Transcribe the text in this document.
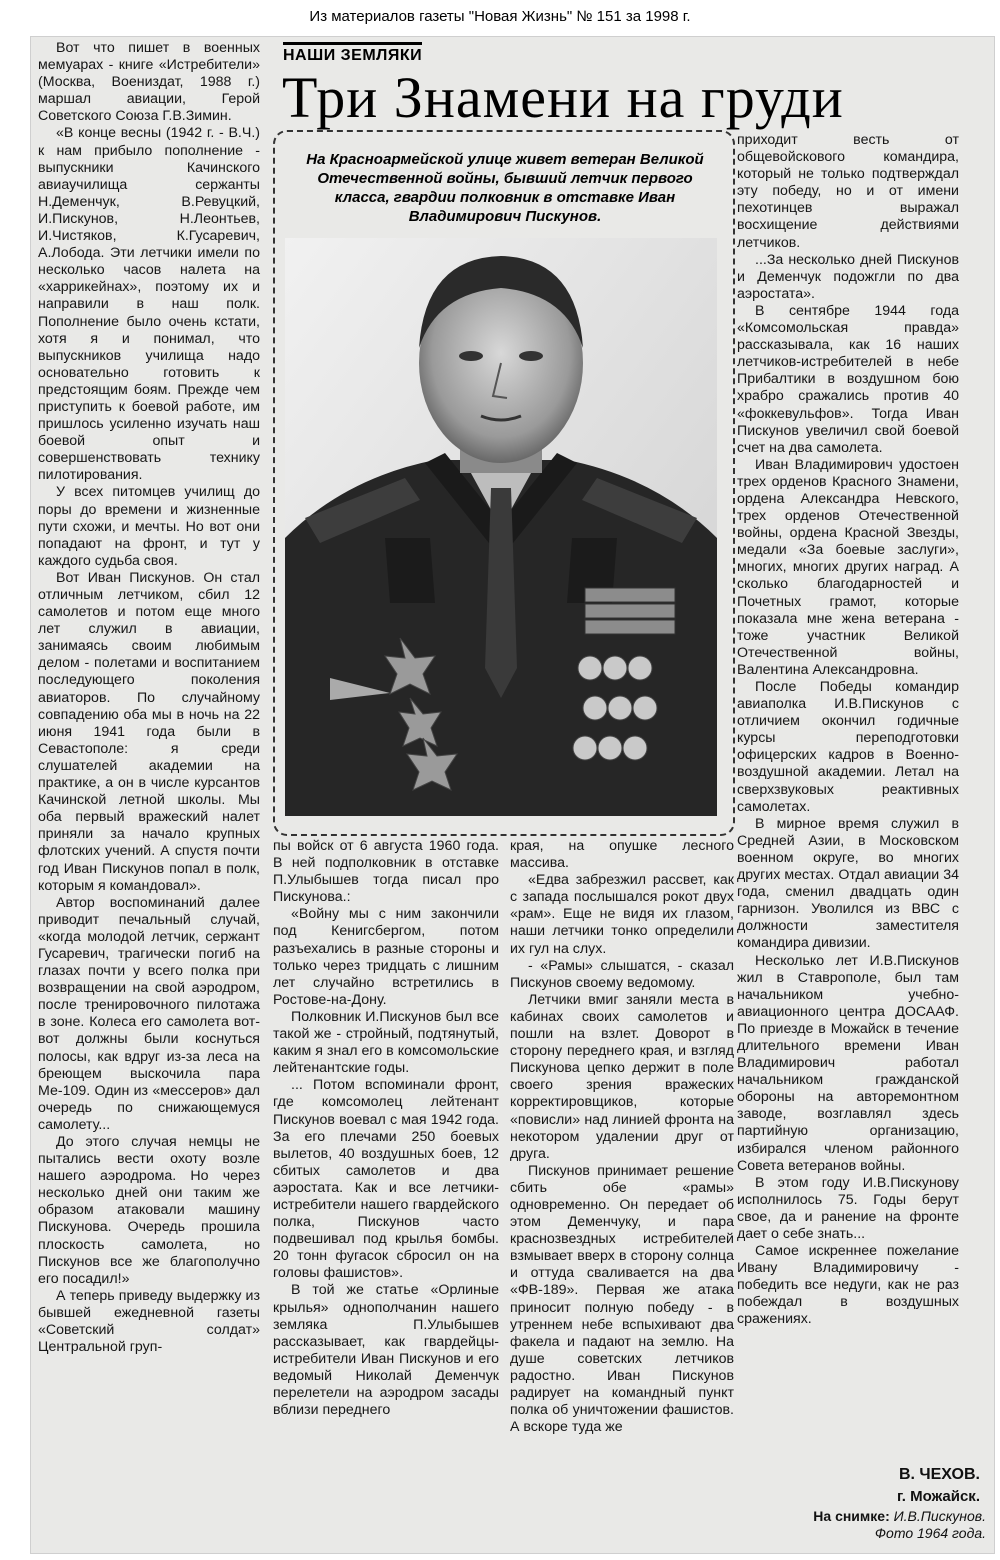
Из материалов газеты "Новая Жизнь" № 151 за 1998 г.
НАШИ ЗЕМЛЯКИ
Три Знамени на груди
На Красноармейской улице живет ветеран Великой Отечественной войны, бывший летчик первого класса, гвардии полковник в отставке Иван Владимирович Пискунов.

Вот что пишет в военных мемуарах - книге «Истребители» (Москва, Воениздат, 1988 г.) маршал авиации, Герой Советского Союза Г.В.Зимин.

«В конце весны (1942 г. - В.Ч.) к нам прибыло пополнение - выпускники Качинского авиаучилища сержанты Н.Деменчук, В.Ревуцкий, И.Пискунов, Н.Леонтьев, И.Чистяков, К.Гусаревич, А.Лобода. Эти летчики имели по несколько часов налета на «харрикейнах», поэтому их и направили в наш полк. Пополнение было очень кстати, хотя я и понимал, что выпускников училища надо основательно готовить к предстоящим боям. Прежде чем приступить к боевой работе, им пришлось усиленно изучать наш боевой опыт и совершенствовать технику пилотирования.

У всех питомцев училищ до поры до времени и жизненные пути схожи, и мечты. Но вот они попадают на фронт, и тут у каждого судьба своя.

Вот Иван Пискунов. Он стал отличным летчиком, сбил 12 самолетов и потом еще много лет служил в авиации, занимаясь своим любимым делом - полетами и воспитанием последующего поколения авиаторов. По случайному совпадению оба мы в ночь на 22 июня 1941 года были в Севастополе: я среди слушателей академии на практике, а он в числе курсантов Качинской летной школы. Мы оба первый вражеский налет приняли за начало крупных флотских учений. А спустя почти год Иван Пискунов попал в полк, которым я командовал».

Автор воспоминаний далее приводит печальный случай, «когда молодой летчик, сержант Гусаревич, трагически погиб на глазах почти у всего полка при возвращении на свой аэродром, после тренировочного пилотажа в зоне. Колеса его самолета вот-вот должны были коснуться полосы, как вдруг из-за леса на бреющем выскочила пара Ме-109. Один из «мессеров» дал очередь по снижающемуся самолету...

До этого случая немцы не пытались вести охоту возле нашего аэродрома. Но через несколько дней они таким же образом атаковали машину Пискунова. Очередь прошила плоскость самолета, но Пискунов все же благополучно его посадил!»

А теперь приведу выдержку из бывшей ежедневной газеты «Советский солдат» Центральной груп-

пы войск от 6 августа 1960 года. В ней подполковник в отставке П.Улыбышев тогда писал про Пискунова.:

«Войну мы с ним закончили под Кенигсбергом, потом разъехались в разные стороны и только через тридцать с лишним лет случайно встретились в Ростове-на-Дону.

Полковник И.Пискунов был все такой же - стройный, подтянутый, каким я знал его в комсомольские лейтенантские годы.

... Потом вспоминали фронт, где комсомолец лейтенант Пискунов воевал с мая 1942 года. За его плечами 250 боевых вылетов, 40 воздушных боев, 12 сбитых самолетов и два аэростата. Как и все летчики-истребители нашего гвардейского полка, Пискунов часто подвешивал под крылья бомбы. 20 тонн фугасок сбросил он на головы фашистов».

В той же статье «Орлиные крылья» однополчанин нашего земляка П.Улыбышев рассказывает, как гвардейцы-истребители Иван Пискунов и его ведомый Николай Деменчук перелетели на аэродром засады вблизи переднего

края, на опушке лесного массива.

«Едва забрезжил рассвет, как с запада послышался рокот двух «рам». Еще не видя их глазом, наши летчики тонко определили их гул на слух.

- «Рамы» слышатся, - сказал Пискунов своему ведомому.

Летчики вмиг заняли места в кабинах своих самолетов и пошли на взлет. Доворот в сторону переднего края, и взгляд Пискунова цепко держит в поле своего зрения вражеских корректировщиков, которые «повисли» над линией фронта на некотором удалении друг от друга.

Пискунов принимает решение сбить обе «рамы» одновременно. Он передает об этом Деменчуку, и пара краснозвездных истребителей взмывает вверх в сторону солнца и оттуда сваливается на два «ФВ-189». Первая же атака приносит полную победу - в утреннем небе вспыхивают два факела и падают на землю. На душе советских летчиков радостно. Иван Пискунов радирует на командный пункт полка об уничтожении фашистов. А вскоре туда же

приходит весть от общевойскового командира, который не только подтверждал эту победу, но и от имени пехотинцев выражал восхищение действиями летчиков.

...За несколько дней Пискунов и Деменчук подожгли по два аэростата».

В сентябре 1944 года «Комсомольская правда» рассказывала, как 16 наших летчиков-истребителей в небе Прибалтики в воздушном бою храбро сражались против 40 «фоккевульфов». Тогда Иван Пискунов увеличил свой боевой счет на два самолета.

Иван Владимирович удостоен трех орденов Красного Знамени, ордена Александра Невского, трех орденов Отечественной войны, ордена Красной Звезды, медали «За боевые заслуги», многих, многих других наград. А сколько благодарностей и Почетных грамот, которые показала мне жена ветерана - тоже участник Великой Отечественной войны, Валентина Александровна.

После Победы командир авиаполка И.В.Пискунов с отличием окончил годичные курсы переподготовки офицерских кадров в Военно-воздушной академии. Летал на сверхзвуковых реактивных самолетах.

В мирное время служил в Средней Азии, в Московском военном округе, во многих других местах. Отдал авиации 34 года, сменил двадцать один гарнизон. Уволился из ВВС с должности заместителя командира дивизии.

Несколько лет И.В.Пискунов жил в Ставрополе, был там начальником учебно-авиационного центра ДОСААФ. По приезде в Можайск в течение длительного времени Иван Владимирович работал начальником гражданской обороны на авторемонтном заводе, возглавлял здесь партийную организацию, избирался членом районного Совета ветеранов войны.

В этом году И.В.Пискунову исполнилось 75. Годы берут свое, да и ранение на фронте дает о себе знать...

Самое искреннее пожелание Ивану Владимировичу - победить все недуги, как не раз побеждал в воздушных сражениях.

В. ЧЕХОВ.
г. Можайск.
На снимке: И.В.Пискунов. Фото 1964 года.
